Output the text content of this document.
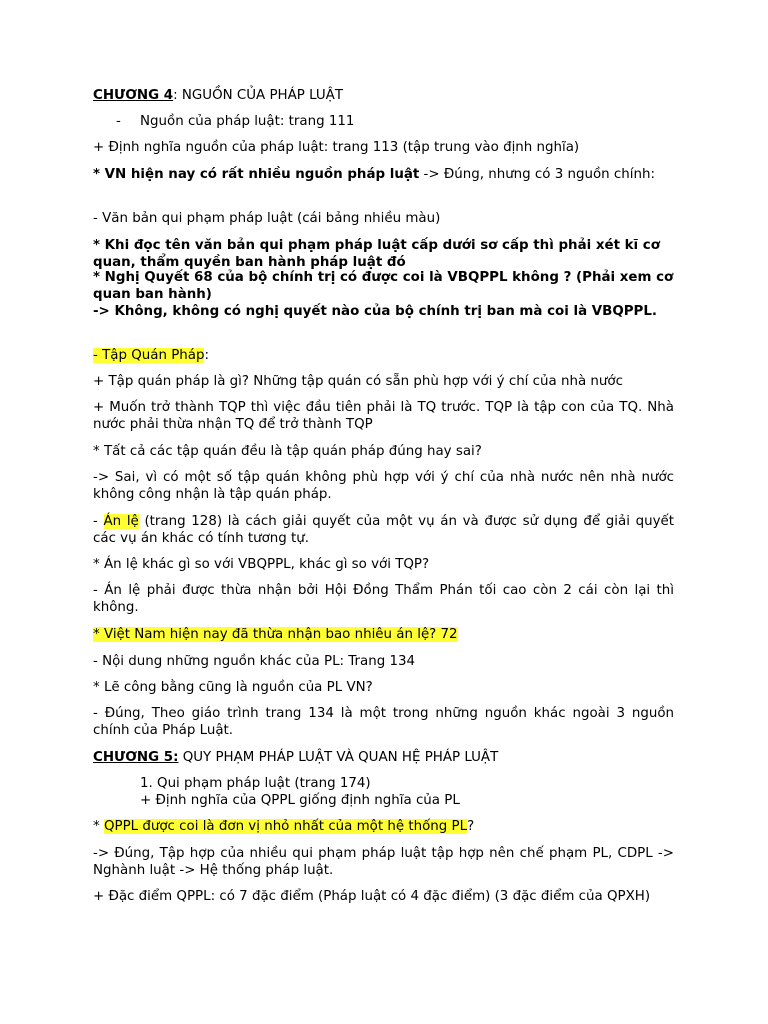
CHƯƠNG 4: NGUỒN CỦA PHÁP LUẬT

-	Nguồn của pháp luật: trang 111

+ Định nghĩa nguồn của pháp luật: trang 113 (tập trung vào định nghĩa)

* VN hiện nay có rất nhiều nguồn pháp luật -> Đúng, nhưng có 3 nguồn chính:

- Văn bản qui phạm pháp luật (cái bảng nhiều màu)

* Khi đọc tên văn bản qui phạm pháp luật cấp dưới sơ cấp thì phải xét kĩ cơ quan, thẩm quyền ban hành pháp luật đó

* Nghị Quyết 68 của bộ chính trị có được coi là VBQPPL không ? (Phải xem cơ quan ban hành)

-> Không, không có nghị quyết nào của bộ chính trị ban mà coi là VBQPPL.

- Tập Quán Pháp:

+ Tập quán pháp là gì? Những tập quán có sẵn phù hợp với ý chí của nhà nước

+ Muốn trở thành TQP thì việc đầu tiên phải là TQ trước. TQP là tập con của TQ. Nhà nước phải thừa nhận TQ để trở thành TQP

* Tất cả các tập quán đều là tập quán pháp đúng hay sai?

-> Sai, vì có một số tập quán không phù hợp với ý chí của nhà nước nên nhà nước không công nhận là tập quán pháp.

- Án lệ (trang 128) là cách giải quyết của một vụ án và được sử dụng để giải quyết các vụ án khác có tính tương tự.

* Án lệ khác gì so với VBQPPL, khác gì so với TQP?

- Án lệ phải được thừa nhận bởi Hội Đồng Thẩm Phán tối cao còn 2 cái còn lại thì không.

* Việt Nam hiện nay đã thừa nhận bao nhiêu án lệ? 72

- Nội dung những nguồn khác của PL: Trang 134

* Lẽ công bằng cũng là nguồn của PL VN?

- Đúng, Theo giáo trình trang 134 là một trong những nguồn khác ngoài 3 nguồn chính của Pháp Luật.

CHƯƠNG 5: QUY PHẠM PHÁP LUẬT VÀ QUAN HỆ PHÁP LUẬT

1. Qui phạm pháp luật (trang 174)

+ Định nghĩa của QPPL giống định nghĩa của PL

* QPPL được coi là đơn vị nhỏ nhất của một hệ thống PL?

-> Đúng, Tập hợp của nhiều qui phạm pháp luật tập hợp nên chế phạm PL, CDPL -> Nghành luật -> Hệ thống pháp luật.

+ Đặc điểm QPPL: có 7 đặc điểm (Pháp luật có 4 đặc điểm) (3 đặc điểm của QPXH)
